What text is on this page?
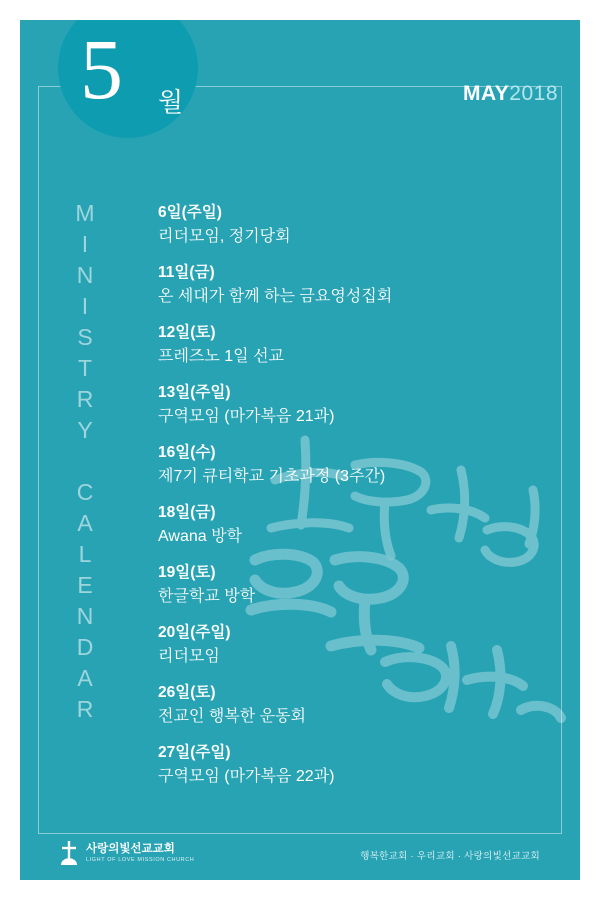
5 월	MAY2018
MINISTRY CALENDAR	6일(주일)
리더모임, 정기당회
11일(금)
온 세대가 함께 하는 금요영성집회
12일(토)
프레즈노 1일 선교
13일(주일)
구역모임 (마가복음 21과)
16일(수)
제7기 큐티학교 기초과정 (3주간)
18일(금)
Awana 방학
19일(토)
한글학교 방학
20일(주일)
리더모임
26일(토)
전교인 행복한 운동회
27일(주일)
구역모임 (마가복음 22과)
사랑의빛선교교회
LIGHT OF LOVE MISSION CHURCH	행복한교회 · 우리교회 · 사랑의빛선교교회
